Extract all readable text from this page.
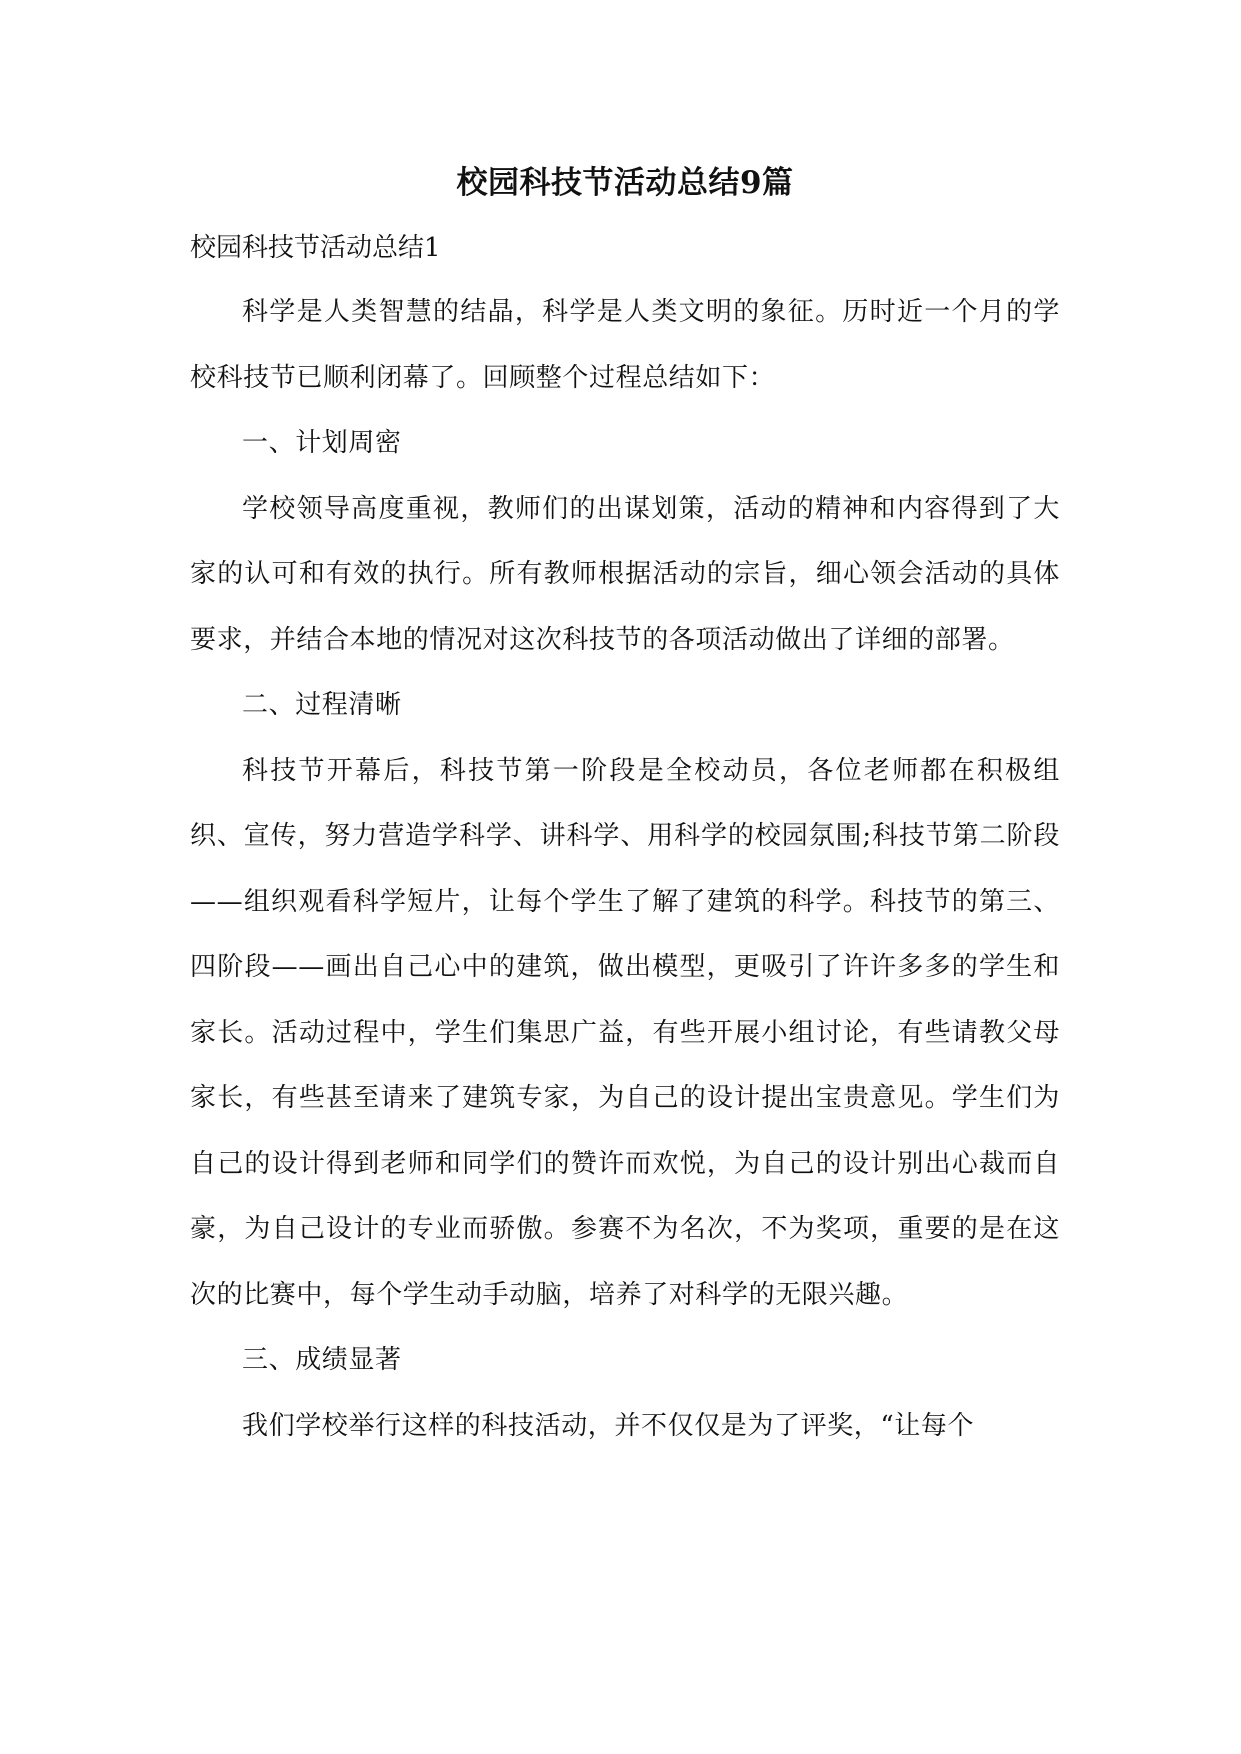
校园科技节活动总结9篇

校园科技节活动总结1

科学是人类智慧的结晶，科学是人类文明的象征。历时近一个月的学校科技节已顺利闭幕了。回顾整个过程总结如下：

一、计划周密

学校领导高度重视，教师们的出谋划策，活动的精神和内容得到了大家的认可和有效的执行。所有教师根据活动的宗旨，细心领会活动的具体要求，并结合本地的情况对这次科技节的各项活动做出了详细的部署。

二、过程清晰

科技节开幕后，科技节第一阶段是全校动员，各位老师都在积极组织、宣传，努力营造学科学、讲科学、用科学的校园氛围;科技节第二阶段——组织观看科学短片，让每个学生了解了建筑的科学。科技节的第三、四阶段——画出自己心中的建筑，做出模型，更吸引了许许多多的学生和家长。活动过程中，学生们集思广益，有些开展小组讨论，有些请教父母家长，有些甚至请来了建筑专家，为自己的设计提出宝贵意见。学生们为自己的设计得到老师和同学们的赞许而欢悦，为自己的设计别出心裁而自豪，为自己设计的专业而骄傲。参赛不为名次，不为奖项，重要的是在这次的比赛中，每个学生动手动脑，培养了对科学的无限兴趣。

三、成绩显著

我们学校举行这样的科技活动，并不仅仅是为了评奖，“让每个
